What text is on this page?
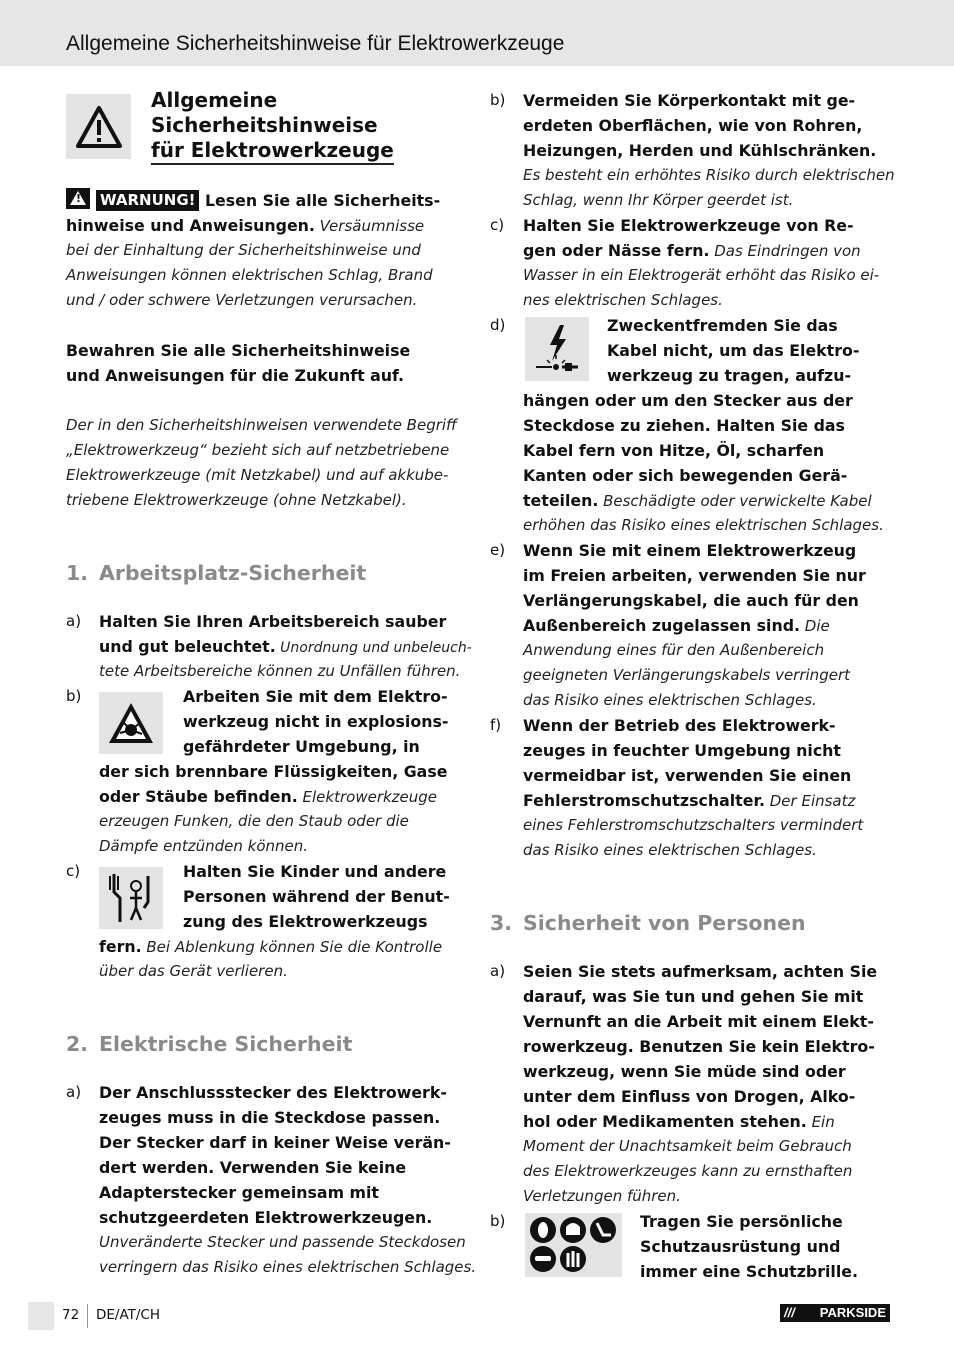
Allgemeine Sicherheitshinweise für Elektrowerkzeuge
Allgemeine
Sicherheitshinweise
für Elektrowerkzeuge
!WARNUNG! Lesen Sie alle Sicherheits-
hinweise und Anweisungen. Versäumnisse
bei der Einhaltung der Sicherheitshinweise und
Anweisungen können elektrischen Schlag, Brand
und / oder schwere Verletzungen verursachen.
Bewahren Sie alle Sicherheitshinweise
und Anweisungen für die Zukunft auf.
Der in den Sicherheitshinweisen verwendete Begriff
„Elektrowerkzeug“ bezieht sich auf netzbetriebene
Elektrowerkzeuge (mit Netzkabel) und auf akkube-
triebene Elektrowerkzeuge (ohne Netzkabel).
1. Arbeitsplatz-Sicherheit
a)	Halten Sie Ihren Arbeitsbereich sauber
und gut beleuchtet. Unordnung und unbeleuch-
tete Arbeitsbereiche können zu Unfällen führen.
b)	Arbeiten Sie mit dem Elektro-
werkzeug nicht in explosions-
gefährdeter Umgebung, in
der sich brennbare Flüssigkeiten, Gase
oder Stäube befinden. Elektrowerkzeuge
erzeugen Funken, die den Staub oder die
Dämpfe entzünden können.
c)	Halten Sie Kinder und andere
Personen während der Benut-
zung des Elektrowerkzeugs
fern. Bei Ablenkung können Sie die Kontrolle
über das Gerät verlieren.
2. Elektrische Sicherheit
a)	Der Anschlussstecker des Elektrowerk-
zeuges muss in die Steckdose passen.
Der Stecker darf in keiner Weise verän-
dert werden. Verwenden Sie keine
Adapterstecker gemeinsam mit
schutzgeerdeten Elektrowerkzeugen.
Unveränderte Stecker und passende Steckdosen
verringern das Risiko eines elektrischen Schlages.
b)	Vermeiden Sie Körperkontakt mit ge-
erdeten Oberflächen, wie von Rohren,
Heizungen, Herden und Kühlschränken.
Es besteht ein erhöhtes Risiko durch elektrischen
Schlag, wenn Ihr Körper geerdet ist.
c)	Halten Sie Elektrowerkzeuge von Re-
gen oder Nässe fern. Das Eindringen von
Wasser in ein Elektrogerät erhöht das Risiko ei-
nes elektrischen Schlages.
d)	Zweckentfremden Sie das
Kabel nicht, um das Elektro-
werkzeug zu tragen, aufzu-
hängen oder um den Stecker aus der
Steckdose zu ziehen. Halten Sie das
Kabel fern von Hitze, Öl, scharfen
Kanten oder sich bewegenden Gerä-
teteilen. Beschädigte oder verwickelte Kabel
erhöhen das Risiko eines elektrischen Schlages.
e)	Wenn Sie mit einem Elektrowerkzeug
im Freien arbeiten, verwenden Sie nur
Verlängerungskabel, die auch für den
Außenbereich zugelassen sind. Die
Anwendung eines für den Außenbereich
geeigneten Verlängerungskabels verringert
das Risiko eines elektrischen Schlages.
f)	Wenn der Betrieb des Elektrowerk-
zeuges in feuchter Umgebung nicht
vermeidbar ist, verwenden Sie einen
Fehlerstromschutzschalter. Der Einsatz
eines Fehlerstromschutzschalters vermindert
das Risiko eines elektrischen Schlages.
3. Sicherheit von Personen
a)	Seien Sie stets aufmerksam, achten Sie
darauf, was Sie tun und gehen Sie mit
Vernunft an die Arbeit mit einem Elekt-
rowerkzeug. Benutzen Sie kein Elektro-
werkzeug, wenn Sie müde sind oder
unter dem Einfluss von Drogen, Alko-
hol oder Medikamenten stehen. Ein
Moment der Unachtsamkeit beim Gebrauch
des Elektrowerkzeuges kann zu ernsthaften
Verletzungen führen.
b)	Tragen Sie persönliche
Schutzausrüstung und
immer eine Schutzbrille.
72 DE/AT/CH	/// PARKSIDE
